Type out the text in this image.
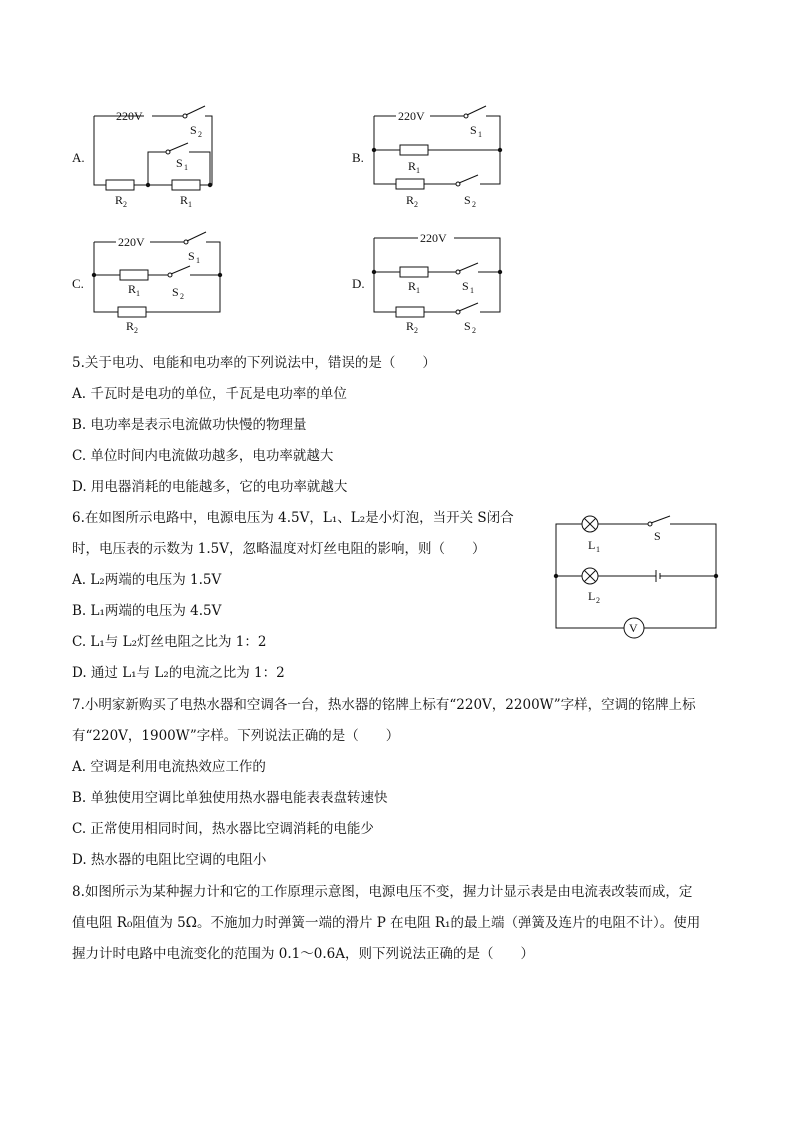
A.
220V
S 2
R 2	R 1
S 1
B.
220V
S 1
R 1
R 2	S 2
C.
220V
S 1
R 1	S 2
R 2
D.
220V
R 1	S 1
R 2	S 2
5.关于电功、电能和电功率的下列说法中，错误的是（　　）
A. 千瓦时是电功的单位，千瓦是电功率的单位
B. 电功率是表示电流做功快慢的物理量
C. 单位时间内电流做功越多，电功率就越大
D. 用电器消耗的电能越多，它的电功率就越大
6.在如图所示电路中，电源电压为 4.5V，L₁、L₂是小灯泡，当开关 S闭合
时，电压表的示数为 1.5V，忽略温度对灯丝电阻的影响，则（　　）
A. L₂两端的电压为 1.5V
B. L₁两端的电压为 4.5V
C. L₁与 L₂灯丝电阻之比为 1：2
D. 通过 L₁与 L₂的电流之比为 1：2
L 1
S
L 2
V
7.小明家新购买了电热水器和空调各一台，热水器的铭牌上标有“220V，2200W”字样，空调的铭牌上标
有“220V，1900W”字样。下列说法正确的是（　　）
A. 空调是利用电流热效应工作的
B. 单独使用空调比单独使用热水器电能表表盘转速快
C. 正常使用相同时间，热水器比空调消耗的电能少
D. 热水器的电阻比空调的电阻小
8.如图所示为某种握力计和它的工作原理示意图，电源电压不变，握力计显示表是由电流表改装而成，定
值电阻 R₀阻值为 5Ω。不施加力时弹簧一端的滑片 P 在电阻 R₁的最上端（弹簧及连片的电阻不计）。使用
握力计时电路中电流变化的范围为 0.1～0.6A，则下列说法正确的是（　　）
